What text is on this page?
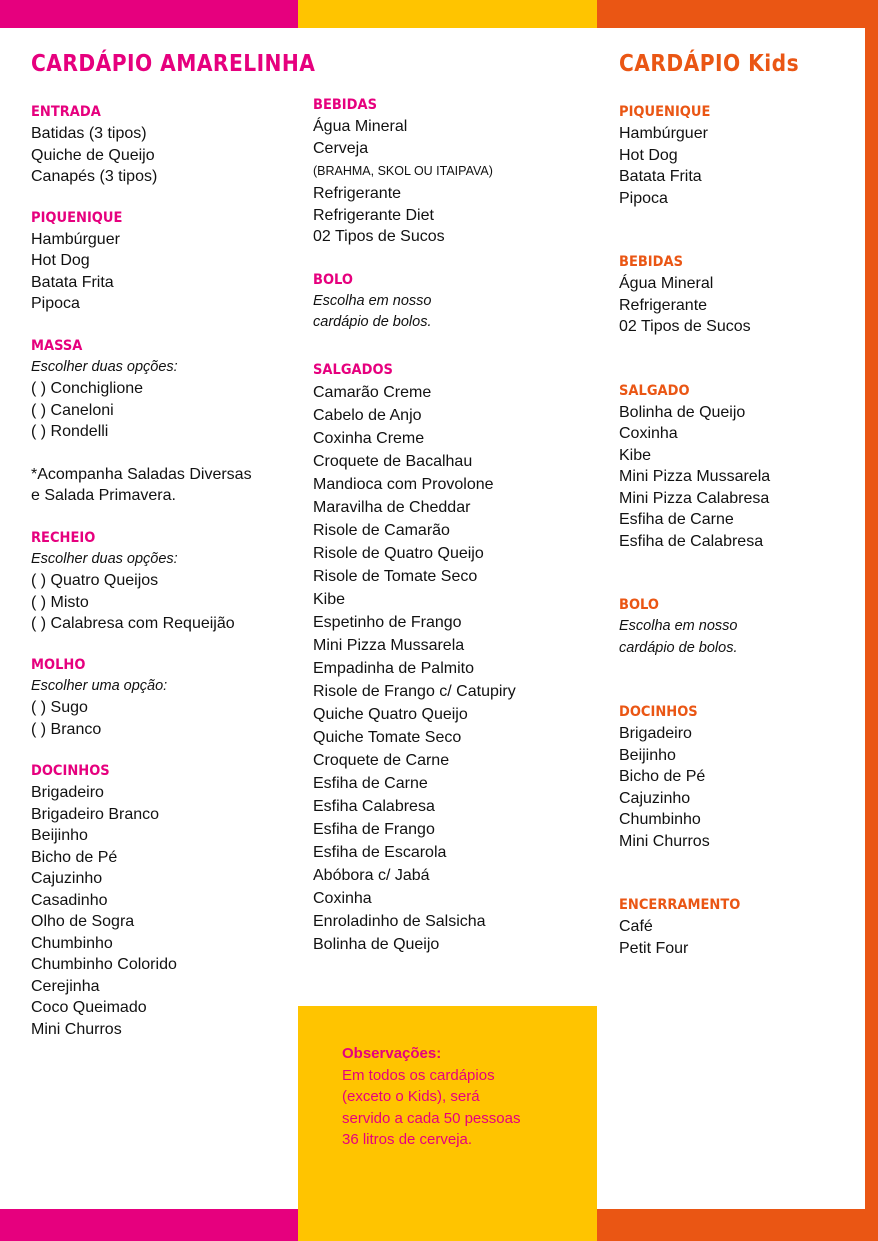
CARDÁPIO AMARELINHA
ENTRADA
Batidas (3 tipos)
Quiche de Queijo
Canapés (3 tipos)
PIQUENIQUE
Hambúrguer
Hot Dog
Batata Frita
Pipoca
MASSA

Escolher duas opções:

( ) Conchiglione
( ) Caneloni
( ) Rondelli

*Acompanha Saladas Diversas
e Salada Primavera.

RECHEIO

Escolher duas opções:

( ) Quatro Queijos
( ) Misto
( ) Calabresa com Requeijão
MOLHO

Escolher uma opção:

( ) Sugo
( ) Branco
DOCINHOS
Brigadeiro
Brigadeiro Branco
Beijinho
Bicho de Pé
Cajuzinho
Casadinho
Olho de Sogra
Chumbinho
Chumbinho Colorido
Cerejinha
Coco Queimado
Mini Churros
BEBIDAS
Água Mineral
Cerveja

(BRAHMA, SKOL OU ITAIPAVA)

Refrigerante
Refrigerante Diet
02 Tipos de Sucos
BOLO

Escolha em nosso
cardápio de bolos.

SALGADOS
Camarão Creme
Cabelo de Anjo
Coxinha Creme
Croquete de Bacalhau
Mandioca com Provolone
Maravilha de Cheddar
Risole de Camarão
Risole de Quatro Queijo
Risole de Tomate Seco
Kibe
Espetinho de Frango
Mini Pizza Mussarela
Empadinha de Palmito
Risole de Frango c/ Catupiry
Quiche Quatro Queijo
Quiche Tomate Seco
Croquete de Carne
Esfiha de Carne
Esfiha Calabresa
Esfiha de Frango
Esfiha de Escarola
Abóbora c/ Jabá
Coxinha
Enroladinho de Salsicha
Bolinha de Queijo
Observações:
Em todos os cardápios
(exceto o Kids), será
servido a cada 50 pessoas
36 litros de cerveja.
CARDÁPIO Kids
PIQUENIQUE
Hambúrguer
Hot Dog
Batata Frita
Pipoca
BEBIDAS
Água Mineral
Refrigerante
02 Tipos de Sucos
SALGADO
Bolinha de Queijo
Coxinha
Kibe
Mini Pizza Mussarela
Mini Pizza Calabresa
Esfiha de Carne
Esfiha de Calabresa
BOLO

Escolha em nosso
cardápio de bolos.

DOCINHOS
Brigadeiro
Beijinho
Bicho de Pé
Cajuzinho
Chumbinho
Mini Churros
ENCERRAMENTO
Café
Petit Four
